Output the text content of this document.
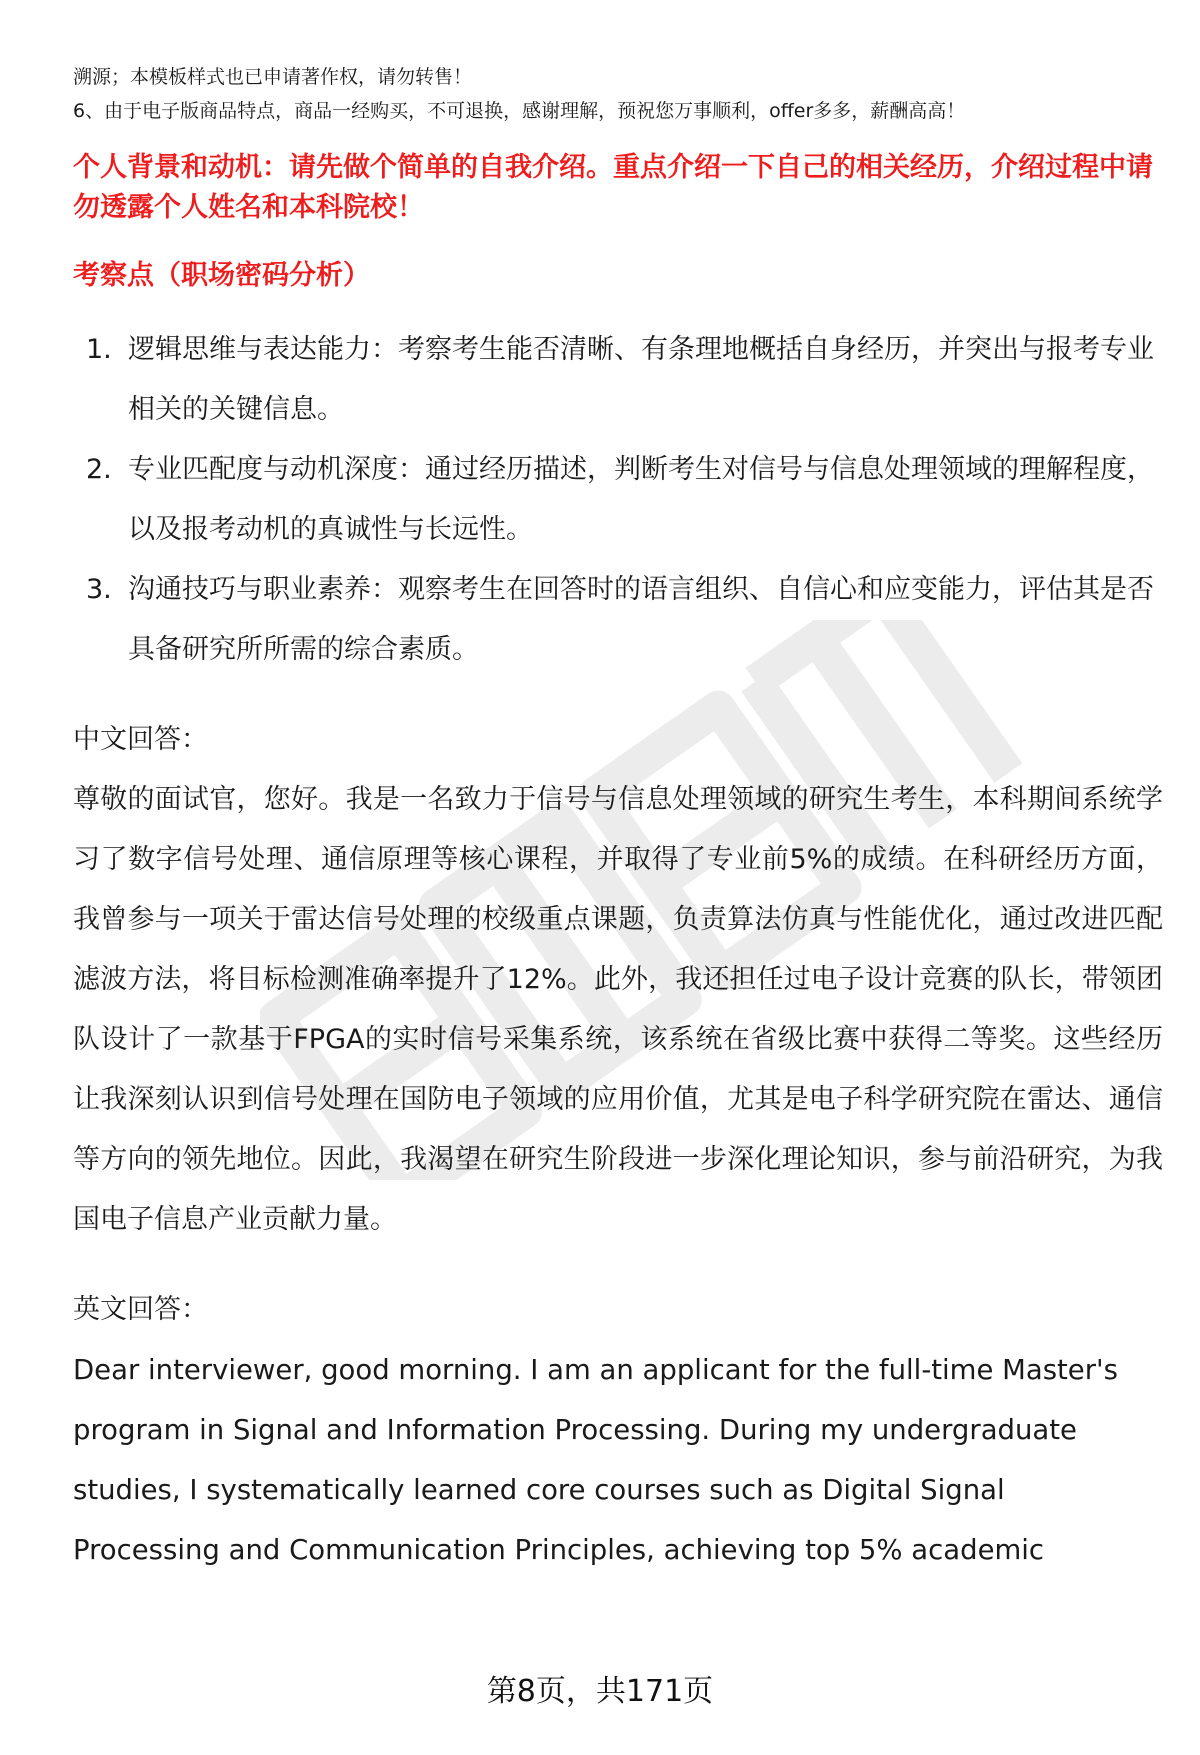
溯源；本模板样式也已申请著作权，请勿转售！

6、由于电子版商品特点，商品一经购买，不可退换，感谢理解，预祝您万事顺利，offer多多，薪酬高高！

个人背景和动机：请先做个简单的自我介绍。重点介绍一下自己的相关经历，介绍过程中请勿透露个人姓名和本科院校！

考察点（职场密码分析）

1. 逻辑思维与表达能力：考察考生能否清晰、有条理地概括自身经历，并突出与报考专业相关的关键信息。
2. 专业匹配度与动机深度：通过经历描述，判断考生对信号与信息处理领域的理解程度，以及报考动机的真诚性与长远性。
3. 沟通技巧与职业素养：观察考生在回答时的语言组织、自信心和应变能力，评估其是否具备研究所所需的综合素质。

中文回答：

尊敬的面试官，您好。我是一名致力于信号与信息处理领域的研究生考生，本科期间系统学习了数字信号处理、通信原理等核心课程，并取得了专业前5%的成绩。在科研经历方面，我曾参与一项关于雷达信号处理的校级重点课题，负责算法仿真与性能优化，通过改进匹配滤波方法，将目标检测准确率提升了12%。此外，我还担任过电子设计竞赛的队长，带领团队设计了一款基于FPGA的实时信号采集系统，该系统在省级比赛中获得二等奖。这些经历让我深刻认识到信号处理在国防电子领域的应用价值，尤其是电子科学研究院在雷达、通信等方向的领先地位。因此，我渴望在研究生阶段进一步深化理论知识，参与前沿研究，为我国电子信息产业贡献力量。

英文回答：

Dear interviewer, good morning. I am an applicant for the full-time Master's program in Signal and Information Processing. During my undergraduate studies, I systematically learned core courses such as Digital Signal Processing and Communication Principles, achieving top 5% academic

第8页，共171页
